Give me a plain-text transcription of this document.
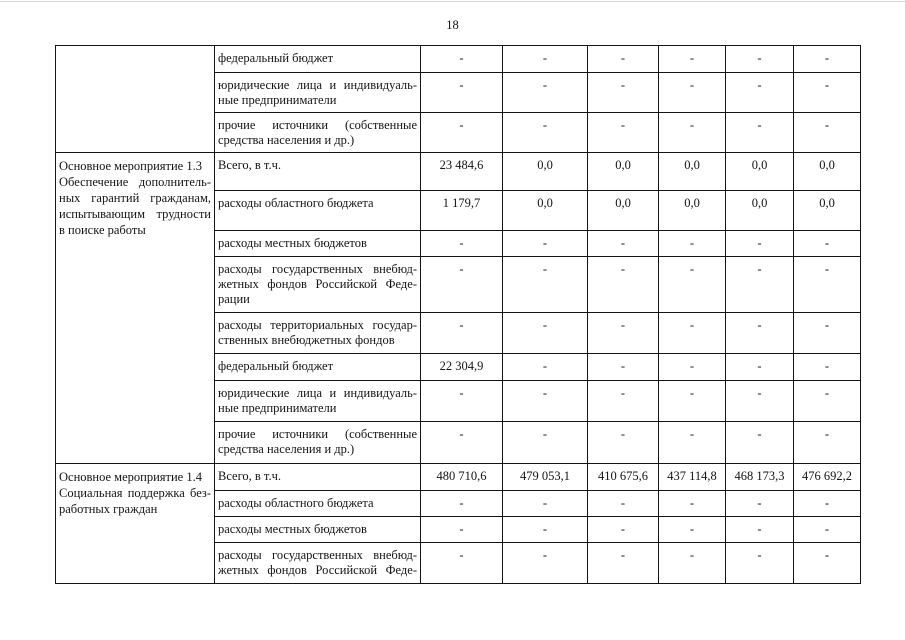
18

	федеральный бюджет	-	-	-	-	-	-

	юридические лица и индивидуаль-
ные предприниматели	-	-	-	-	-	-

	прочие источники (собственные
средства населения и др.)	-	-	-	-	-	-

Основное мероприятие 1.3
Обеспечение дополнитель-
ных гарантий гражданам,
испытывающим трудности
в поиске работы	Всего, в т.ч.	23 484,6	0,0	0,0	0,0	0,0	0,0

	расходы областного бюджета	1 179,7	0,0	0,0	0,0	0,0	0,0

	расходы местных бюджетов	-	-	-	-	-	-

	расходы государственных внебюд-
жетных фондов Российской Феде-
рации	-	-	-	-	-	-

	расходы территориальных государ-
ственных внебюджетных фондов	-	-	-	-	-	-

	федеральный бюджет	22 304,9	-	-	-	-	-

	юридические лица и индивидуаль-
ные предприниматели	-	-	-	-	-	-

	прочие источники (собственные
средства населения и др.)	-	-	-	-	-	-

Основное мероприятие 1.4
Социальная поддержка без-
работных граждан	Всего, в т.ч.	480 710,6	479 053,1	410 675,6	437 114,8	468 173,3	476 692,2

	расходы областного бюджета	-	-	-	-	-	-

	расходы местных бюджетов	-	-	-	-	-	-

	расходы государственных внебюд-
жетных фондов Российской Феде-	-	-	-	-	-	-
